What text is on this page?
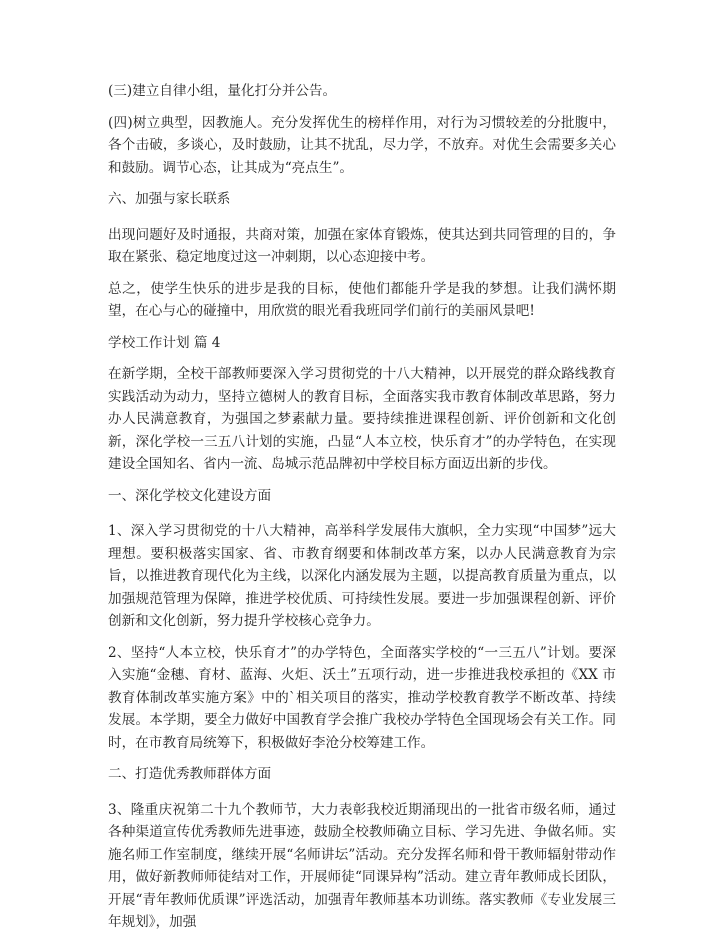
(三)建立自律小组，量化打分并公告。

(四)树立典型，因教施人。充分发挥优生的榜样作用，对行为习惯较差的分批腹中，各个击破，多谈心，及时鼓励，让其不扰乱，尽力学，不放弃。对优生会需要多关心和鼓励。调节心态，让其成为“亮点生”。

六、加强与家长联系

出现问题好及时通报，共商对策，加强在家体育锻炼，使其达到共同管理的目的，争取在紧张、稳定地度过这一冲刺期，以心态迎接中考。

总之，使学生快乐的进步是我的目标，使他们都能升学是我的梦想。让我们满怀期望，在心与心的碰撞中，用欣赏的眼光看我班同学们前行的美丽风景吧!

学校工作计划 篇 4

在新学期，全校干部教师要深入学习贯彻党的十八大精神，以开展党的群众路线教育实践活动为动力，坚持立德树人的教育目标，全面落实我市教育体制改革思路，努力办人民满意教育，为强国之梦素献力量。要持续推进课程创新、评价创新和文化创新，深化学校一三五八计划的实施，凸显“人本立校，快乐育才”的办学特色，在实现建设全国知名、省内一流、岛城示范品牌初中学校目标方面迈出新的步伐。

一、深化学校文化建设方面

1、深入学习贯彻党的十八大精神，高举科学发展伟大旗帜，全力实现“中国梦”远大理想。要积极落实国家、省、市教育纲要和体制改革方案，以办人民满意教育为宗旨，以推进教育现代化为主线，以深化内涵发展为主题，以提高教育质量为重点，以加强规范管理为保障，推进学校优质、可持续性发展。要进一步加强课程创新、评价创新和文化创新，努力提升学校核心竞争力。

2、坚持“人本立校，快乐育才”的办学特色，全面落实学校的“一三五八”计划。要深入实施“金穗、育材、蓝海、火炬、沃土”五项行动，进一步推进我校承担的《XX 市教育体制改革实施方案》中的`相关项目的落实，推动学校教育教学不断改革、持续发展。本学期，要全力做好中国教育学会推广我校办学特色全国现场会有关工作。同时，在市教育局统筹下，积极做好李沧分校筹建工作。

二、打造优秀教师群体方面

3、隆重庆祝第二十九个教师节，大力表彰我校近期涌现出的一批省市级名师，通过各种渠道宣传优秀教师先进事迹，鼓励全校教师确立目标、学习先进、争做名师。实施名师工作室制度，继续开展“名师讲坛”活动。充分发挥名师和骨干教师辐射带动作用，做好新教师师徒结对工作，开展师徒“同课异构”活动。建立青年教师成长团队，开展“青年教师优质课”评选活动，加强青年教师基本功训练。落实教师《专业发展三年规划》，加强
